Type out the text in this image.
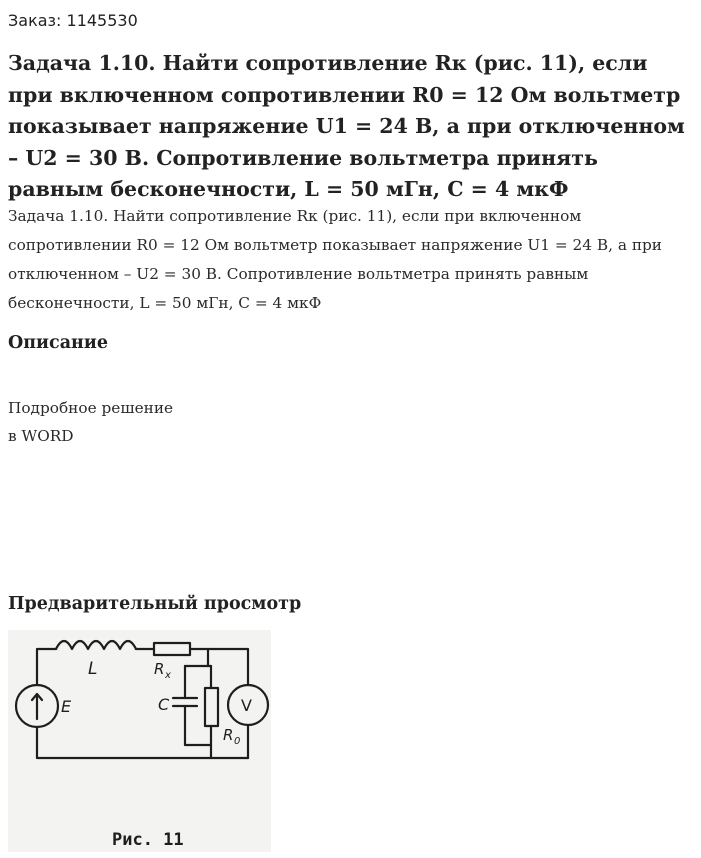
Заказ: 1145530
Задача 1.10. Найти сопротивление Rк (рис. 11), если при включенном сопротивлении R0 = 12 Ом вольтметр показывает напряжение U1 = 24 В, а при отключенном – U2 = 30 В. Сопротивление вольтметра принять равным бесконечности, L = 50 мГн, С = 4 мкФ

Задача 1.10. Найти сопротивление Rк (рис. 11), если при включенном сопротивлении R0 = 12 Ом вольтметр показывает напряжение U1 = 24 В, а при отключенном – U2 = 30 В. Сопротивление вольтметра принять равным бесконечности, L = 50 мГн, С = 4 мкФ

Описание
Подробное решение
в WORD
Предварительный просмотр
L
E
R x
C	V
R 0
Рис. 11
